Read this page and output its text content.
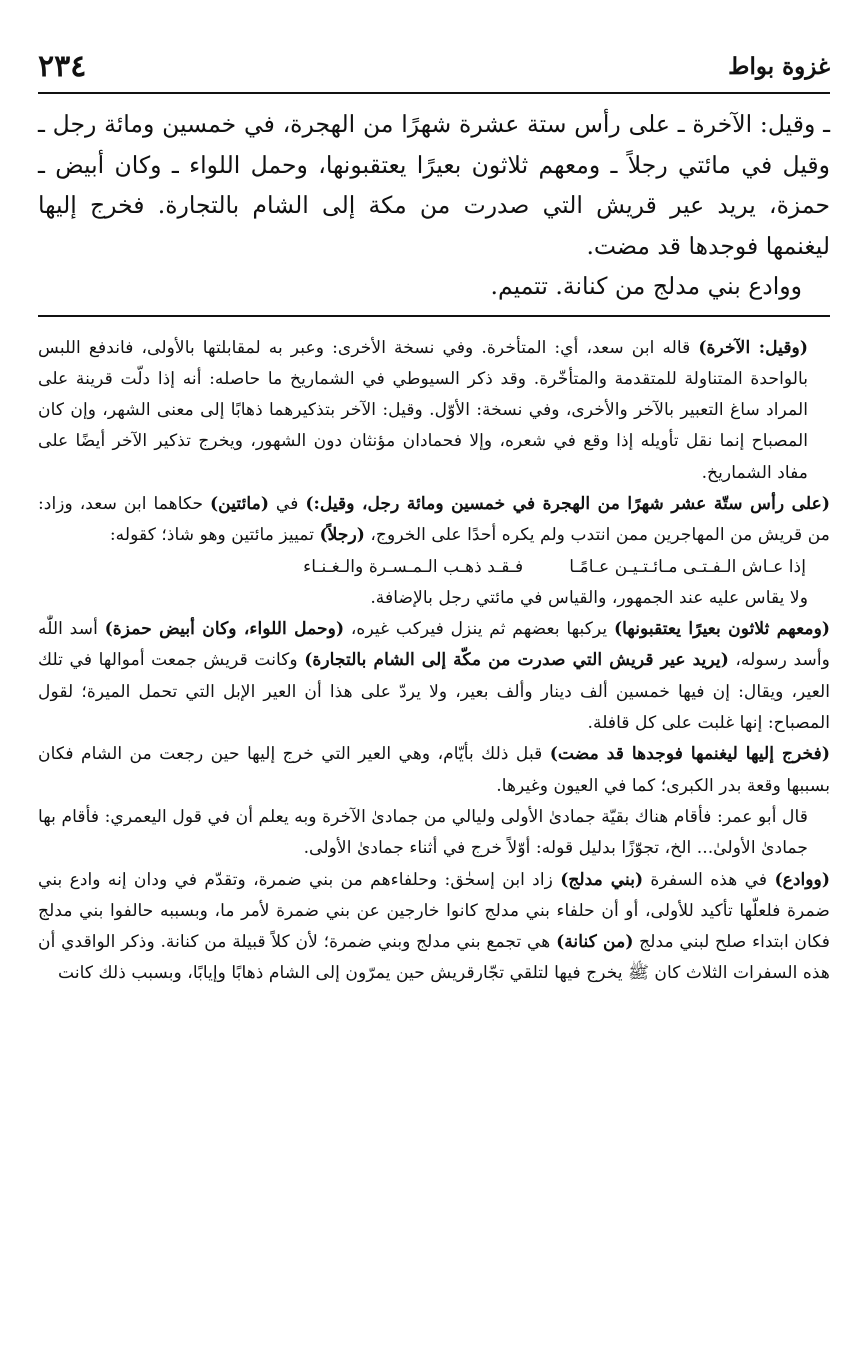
غزوة بواط
٢٣٤

ـ وقيل: الآخرة ـ على رأس ستة عشرة شهرًا من الهجرة، في خمسين ومائة رجل ـ وقيل في مائتي رجلاً ـ ومعهم ثلاثون بعيرًا يعتقبونها، وحمل اللواء ـ وكان أبيض ـ حمزة، يريد عير قريش التي صدرت من مكة إلى الشام بالتجارة. فخرج إليها ليغنمها فوجدها قد مضت.

ووادع بني مدلج من كنانة. تتميم.

(وقيل: الآخرة) قاله ابن سعد، أي: المتأخرة. وفي نسخة الأخرى: وعبر به لمقابلتها بالأولى، فاندفع اللبس بالواحدة المتناولة للمتقدمة والمتأخّرة. وقد ذكر السيوطي في الشماريخ ما حاصله: أنه إذا دلّت قرينة على المراد ساغ التعبير بالآخر والأخرى، وفي نسخة: الأوّل. وقيل: الآخر بتذكيرهما ذهابًا إلى معنى الشهر، وإن كان المصباح إنما نقل تأويله إذا وقع في شعره، وإلا فحمادان مؤنثان دون الشهور، ويخرج تذكير الآخر أيضًا على مفاد الشماريخ.

(على رأس ستّة عشر شهرًا من الهجرة في خمسين ومائة رجل، وقيل:) في (مائتين) حكاهما ابن سعد، وزاد: من قريش من المهاجرين ممن انتدب ولم يكره أحدًا على الخروج، (رجلاً) تمييز مائتين وهو شاذ؛ كقوله:

إذا عـاش الـفـتـى مـائـتـيـن عـامًـا
فـقـد ذهـب الـمـسـرة والـغـنـاء

ولا يقاس عليه عند الجمهور، والقياس في مائتي رجل بالإضافة.

(ومعهم ثلاثون بعيرًا يعتقبونها) يركبها بعضهم ثم ينزل فيركب غيره، (وحمل اللواء، وكان أبيض حمزة) أسد اللّٰه وأسد رسوله، (يريد عير قريش التي صدرت من مكّة إلى الشام بالتجارة) وكانت قريش جمعت أموالها في تلك العير، ويقال: إن فيها خمسين ألف دينار وألف بعير، ولا يردّ على هذا أن العير الإبل التي تحمل الميرة؛ لقول المصباح: إنها غلبت على كل قافلة.

(فخرج إليها ليغنمها فوجدها قد مضت) قبل ذلك بأيّام، وهي العير التي خرج إليها حين رجعت من الشام فكان بسببها وقعة بدر الكبرى؛ كما في العيون وغيرها.

قال أبو عمر: فأقام هناك بقيّة جمادىٰ الأولى وليالي من جمادىٰ الآخرة وبه يعلم أن في قول اليعمري: فأقام بها جمادىٰ الأولىٰ... الخ، تجوّزًا بدليل قوله: أوّلاً خرج في أثناء جمادىٰ الأولى.

(ووادع) في هذه السفرة (بني مدلج) زاد ابن إسحٰق: وحلفاءهم من بني ضمرة، وتقدّم في ودان إنه وادع بني ضمرة فلعلّها تأكيد للأولى، أو أن حلفاء بني مدلج كانوا خارجين عن بني ضمرة لأمر ما، وبسببه حالفوا بني مدلج فكان ابتداء صلح لبني مدلج (من كنانة) هي تجمع بني مدلج وبني ضمرة؛ لأن كلاً قبيلة من كنانة. وذكر الواقدي أن هذه السفرات الثلاث كان ﷺ يخرج فيها لتلقي تجّارقريش حين يمرّون إلى الشام ذهابًا وإيابًا، وبسبب ذلك كانت
